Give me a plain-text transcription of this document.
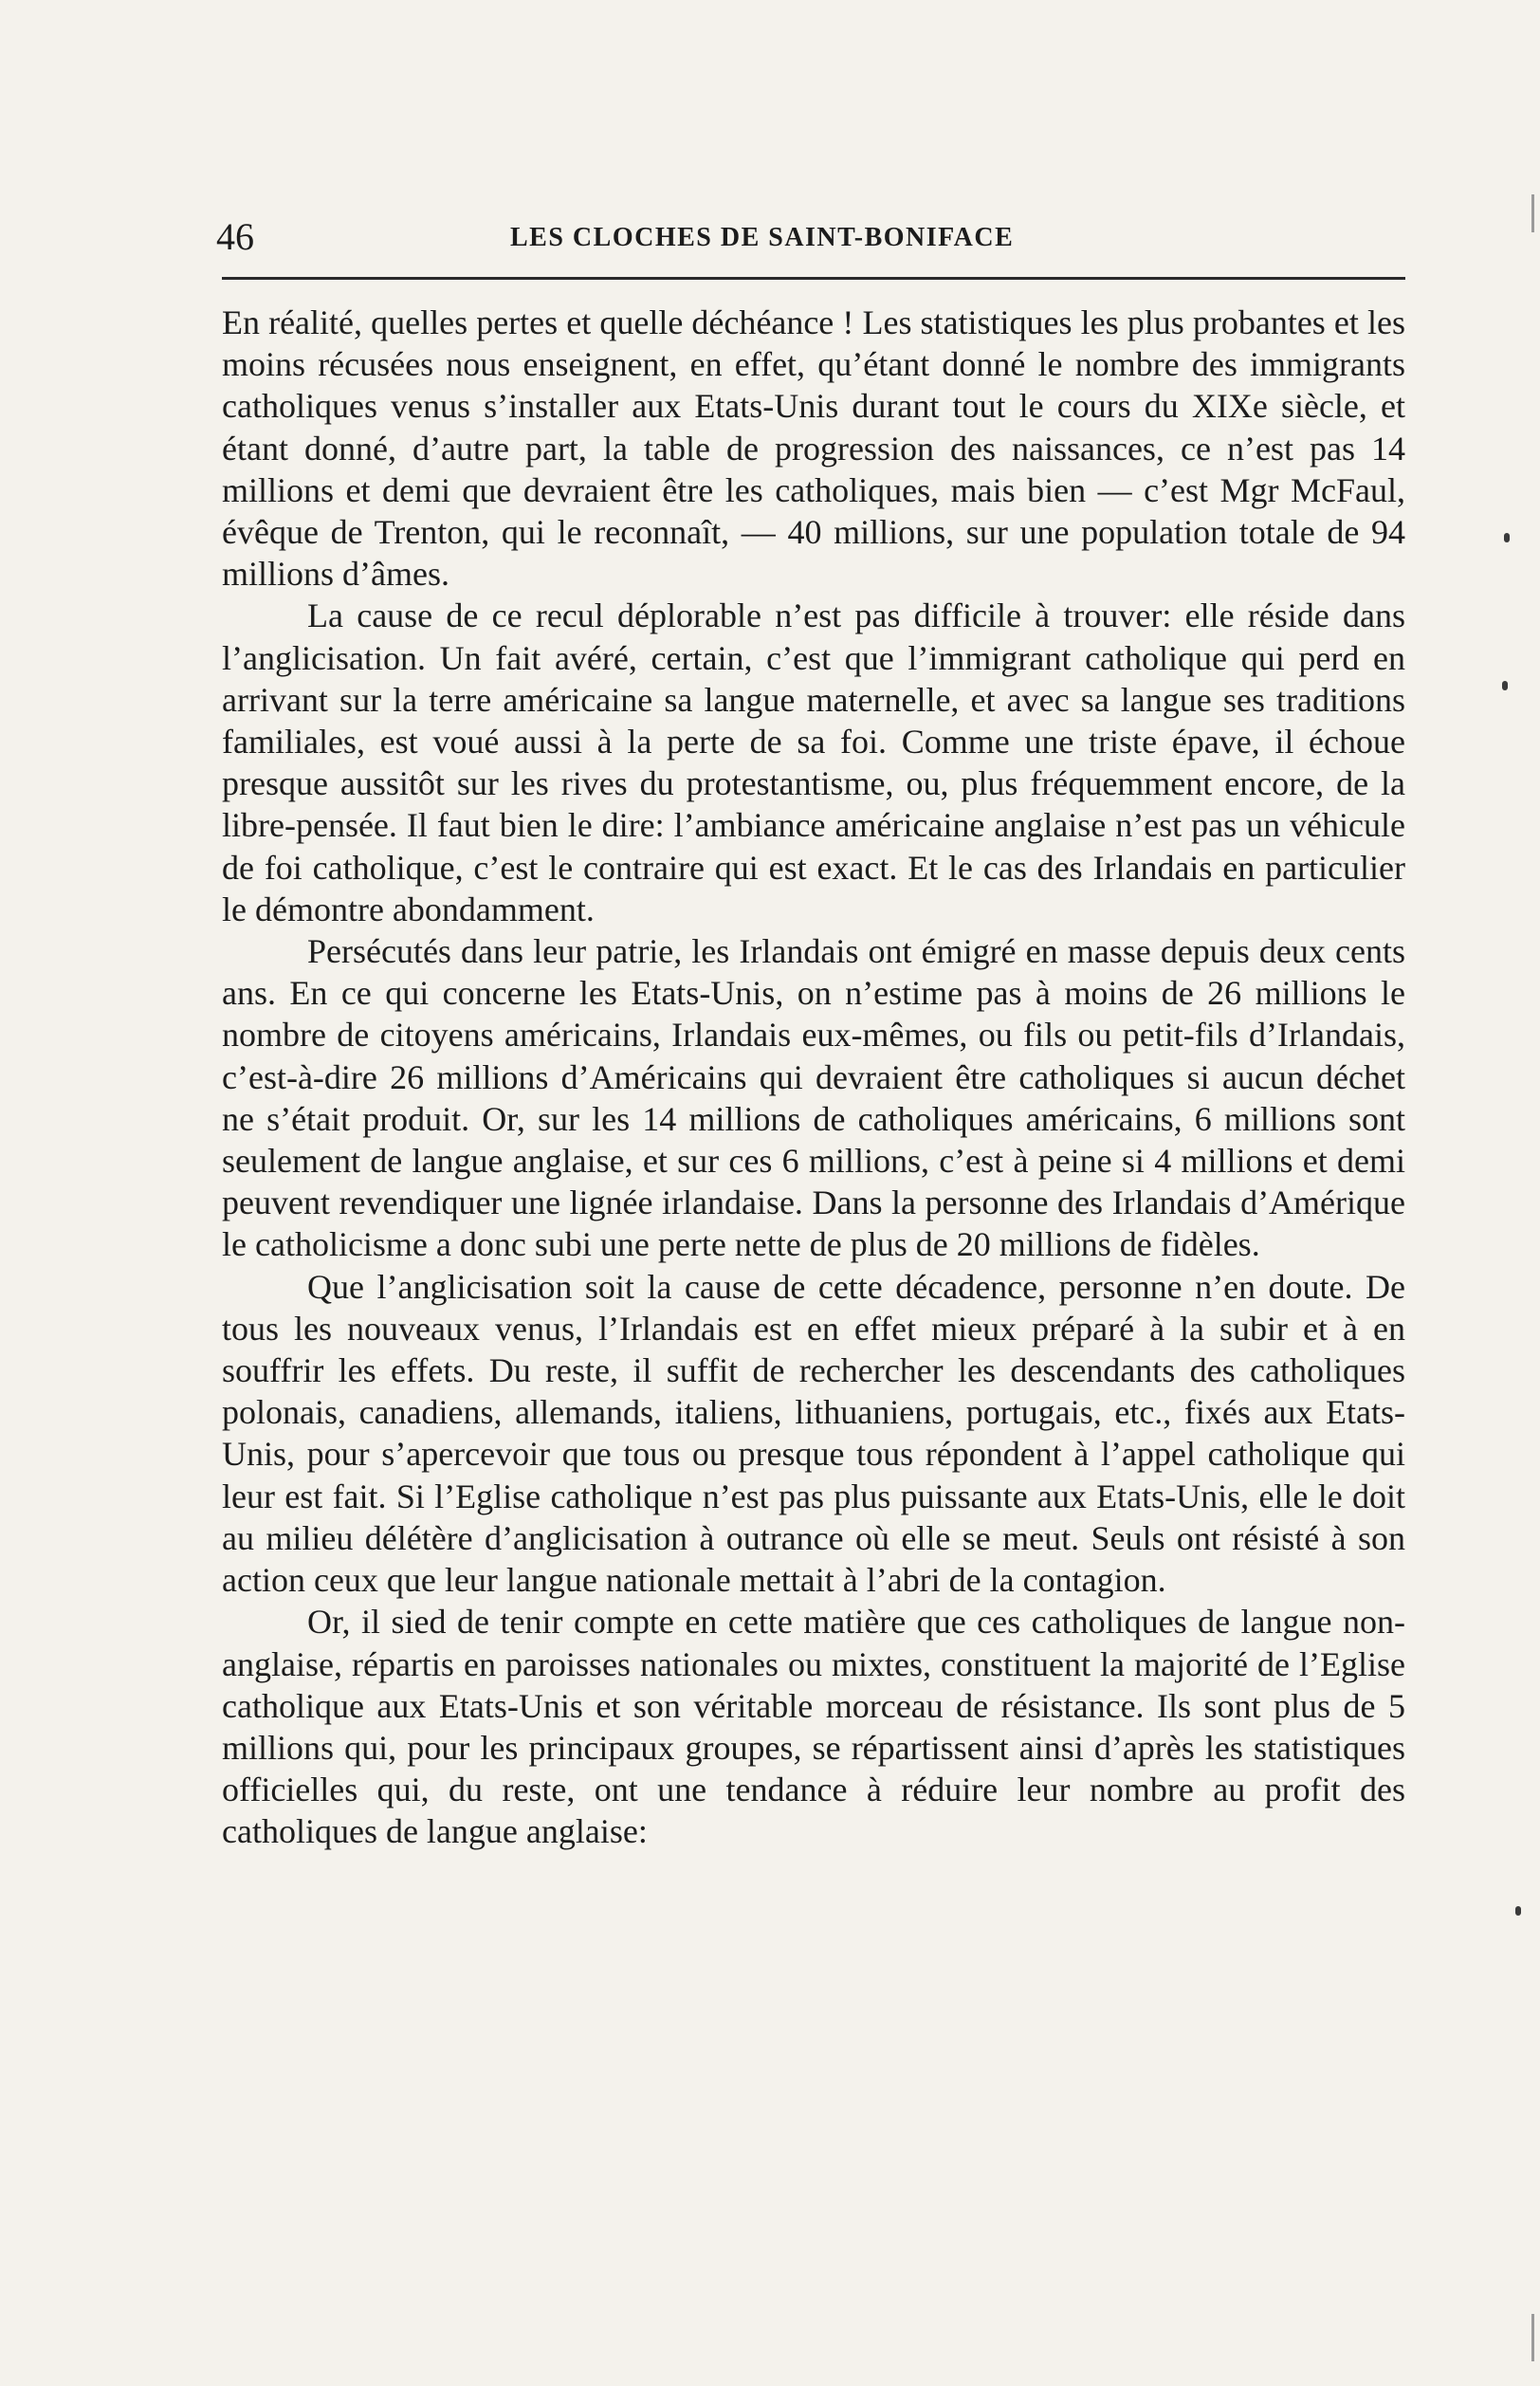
46	LES CLOCHES DE SAINT-BONIFACE

En réalité, quelles pertes et quelle déchéance ! Les statistiques les plus probantes et les moins récusées nous enseignent, en effet, qu’étant donné le nombre des immigrants catholiques venus s’installer aux Etats-Unis durant tout le cours du XIXe siècle, et étant donné, d’autre part, la table de progression des naissances, ce n’est pas 14 millions et demi que devraient être les catholiques, mais bien — c’est Mgr McFaul, évêque de Trenton, qui le reconnaît, — 40 millions, sur une population totale de 94 millions d’âmes.

La cause de ce recul déplorable n’est pas difficile à trouver: elle réside dans l’anglicisation. Un fait avéré, certain, c’est que l’immigrant catholique qui perd en arrivant sur la terre américaine sa langue maternelle, et avec sa langue ses traditions familiales, est voué aussi à la perte de sa foi. Comme une triste épave, il échoue presque aussitôt sur les rives du protestantisme, ou, plus fréquemment encore, de la libre-pensée. Il faut bien le dire: l’ambiance américaine anglaise n’est pas un véhicule de foi catholique, c’est le contraire qui est exact. Et le cas des Irlandais en particulier le démontre abondamment.

Persécutés dans leur patrie, les Irlandais ont émigré en masse depuis deux cents ans. En ce qui concerne les Etats-Unis, on n’estime pas à moins de 26 millions le nombre de citoyens américains, Irlandais eux-mêmes, ou fils ou petit-fils d’Irlandais, c’est-à-dire 26 millions d’Américains qui devraient être catholiques si aucun déchet ne s’était produit. Or, sur les 14 millions de catholiques américains, 6 millions sont seulement de langue anglaise, et sur ces 6 millions, c’est à peine si 4 millions et demi peuvent revendiquer une lignée irlandaise. Dans la personne des Irlandais d’Amérique le catholicisme a donc subi une perte nette de plus de 20 millions de fidèles.

Que l’anglicisation soit la cause de cette décadence, personne n’en doute. De tous les nouveaux venus, l’Irlandais est en effet mieux préparé à la subir et à en souffrir les effets. Du reste, il suffit de rechercher les descendants des catholiques polonais, canadiens, allemands, italiens, lithuaniens, portugais, etc., fixés aux Etats-Unis, pour s’apercevoir que tous ou presque tous répondent à l’appel catholique qui leur est fait. Si l’Eglise catholique n’est pas plus puissante aux Etats-Unis, elle le doit au milieu délétère d’anglicisation à outrance où elle se meut. Seuls ont résisté à son action ceux que leur langue nationale mettait à l’abri de la contagion.

Or, il sied de tenir compte en cette matière que ces catholiques de langue non-anglaise, répartis en paroisses nationales ou mixtes, constituent la majorité de l’Eglise catholique aux Etats-Unis et son véritable morceau de résistance. Ils sont plus de 5 millions qui, pour les principaux groupes, se répartissent ainsi d’après les statistiques officielles qui, du reste, ont une tendance à réduire leur nombre au profit des catholiques de langue anglaise:
